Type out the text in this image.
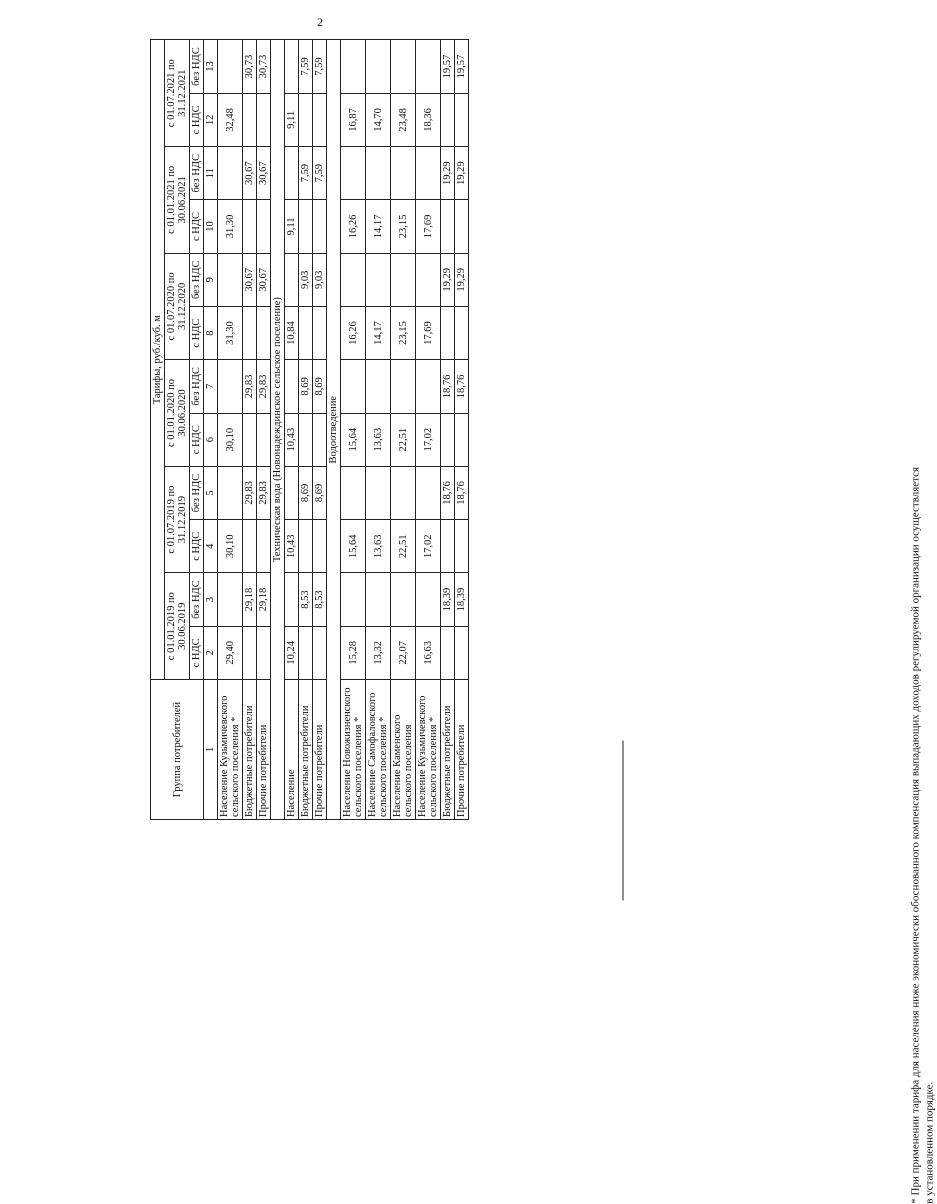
2
Группа потребителей	Тарифы, руб./куб. м											
	с 01.01.2019 по 30.06.2019		с 01.07.2019 по 31.12.2019		с 01.01.2020 по 30.06.2020		с 01.07.2020 по 31.12.2020		с 01.01.2021 по 30.06.2021		с 01.07.2021 по 31.12.2021	
	с НДС	без НДС	с НДС	без НДС	с НДС	без НДС	с НДС	без НДС	с НДС	без НДС	с НДС	без НДС
1	2	3	4	5	6	7	8	9	10	11	12	13
Население Кузьмичевского сельского поселения *	29,40		30,10		30,10		31,30		31,30		32,48	
Бюджетные потребители		29,18		29,83		29,83		30,67		30,67		30,73
Прочие потребители		29,18		29,83		29,83		30,67		30,67		30,73
Техническая вода (Новонадеждинское сельское поселение)												
Население	10,24		10,43		10,43		10,84		9,11		9,11	
Бюджетные потребители		8,53		8,69		8,69		9,03		7,59		7,59
Прочие потребители		8,53		8,69		8,69		9,03		7,59		7,59
Водоотведение												
Население Новожизненского сельского поселения *	15,28		15,64		15,64		16,26		16,26		16,87	
Население Самофаловского сельского поселения *	13,32		13,63		13,63		14,17		14,17		14,70	
Население Каменского сельского поселения	22,07		22,51		22,51		23,15		23,15		23,48	
Население Кузьмичевского сельского поселения *	16,63		17,02		17,02		17,69		17,69		18,36	
Бюджетные потребители		18,39		18,76		18,76		19,29		19,29		19,57
Прочие потребители		18,39		18,76		18,76		19,29		19,29		19,57
* При применении тарифа для населения ниже экономически обоснованного компенсация выпадающих доходов регулируемой организации осуществляется в установленном порядке.
